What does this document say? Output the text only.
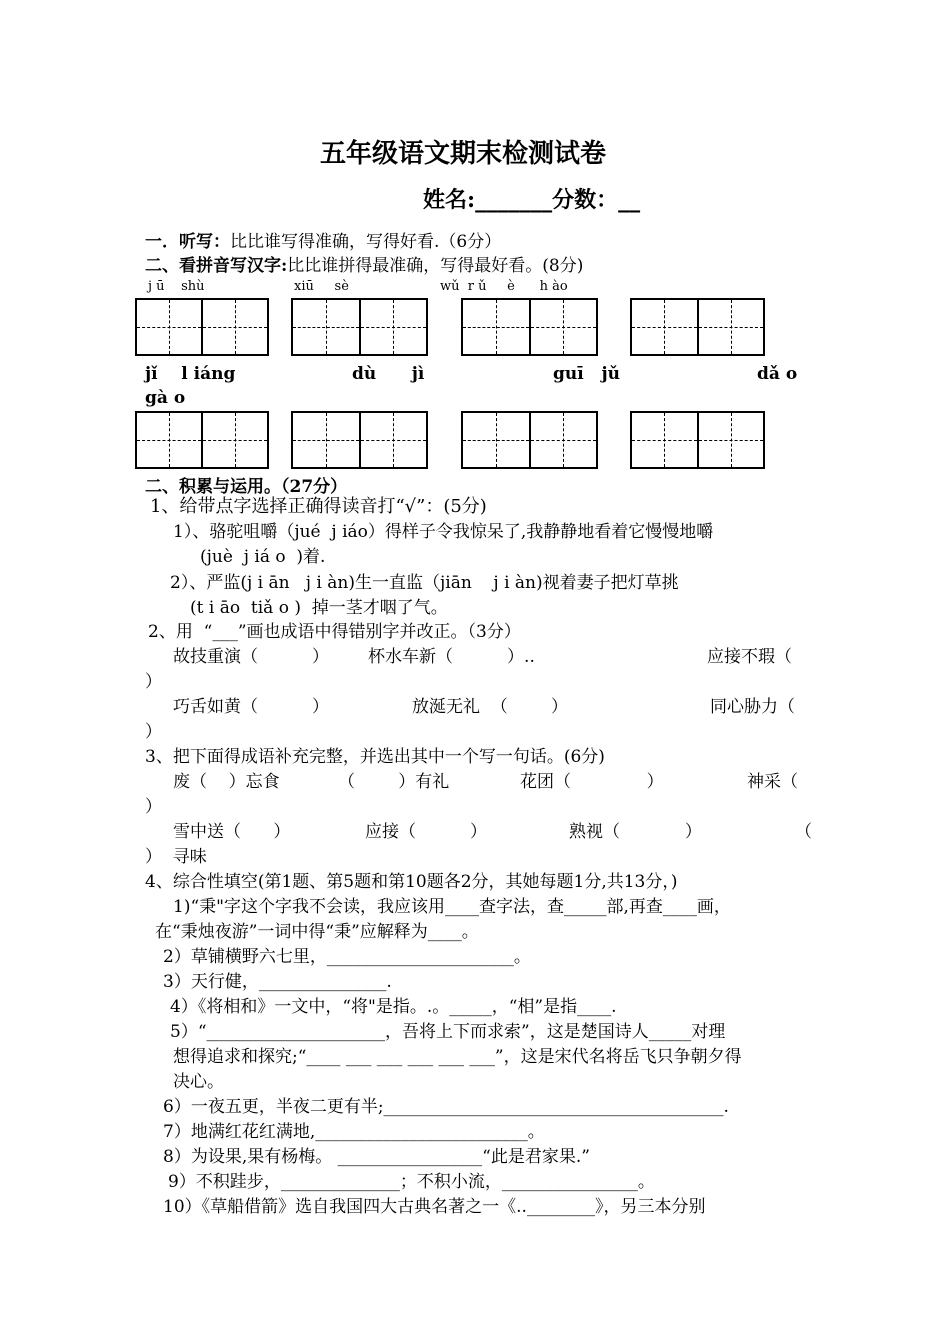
五年级语文期末检测试卷
姓名:_______分数：__
一．听写：比比谁写得准确，写得好看.（6分）
二、看拼音写汉字:比比谁拼得最准确，写得最好看。(8分)
j ū    shù	xiū     sè	wǔ  r ǔ     è      h ào
jǐ    l iáng	dù      jì	guī   jǔ	dǎ o
gà o
二、积累与运用。（27分）
1、给带点字选择正确得读音打“√”：(5分)
1）、骆驼咀嚼（jué  j iáo）得样子令我惊呆了,我静静地看着它慢慢地嚼
(juè  j iá o  )着.
2）、严监(j i ān   j i àn)生一直监（jiān    j i àn)视着妻子把灯草挑
(t i āo  tiǎ o )  掉一茎才咽了气。
2、用  “___”画也成语中得错别字并改正。（3分）
故技重演（          ） 杯水车新（          ）..	应接不瑕（
）
巧舌如黄（          ）	放涎无礼  （        ）	同心胁力（
）
3、把下面得成语补充完整，并选出其中一个写一句话。(6分)
废（    ）忘食	（        ）有礼	花团（              ）	神采（
）
雪中送（      ）	应接（          ）	熟视（            ）	（
）  寻味
4、综合性填空(第1题、第5题和第10题各2分，其她每题1分,共13分，)
1)“秉"字这个字我不会读，我应该用____查字法，查_____部,再查____画，
在“秉烛夜游”一词中得“秉”应解释为____。
2）草铺横野六七里，______________________。
3）天行健，_______________.
4）《将相和》一文中，“将"是指。.。_____，“相”是指____.
5）“_____________________，吾将上下而求索”，这是楚国诗人_____对理
想得追求和探究;“____ ___ ___ ___ ___ ___”，这是宋代名将岳飞只争朝夕得
决心。
6）一夜五更，半夜二更有半;________________________________________.
7）地满红花红满地,_________________________。
8）为设果,果有杨梅。 _________________“此是君家果.”
9）不积跬步，______________；不积小流，________________。
10）《草船借箭》选自我国四大古典名著之一《..________》，另三本分别
